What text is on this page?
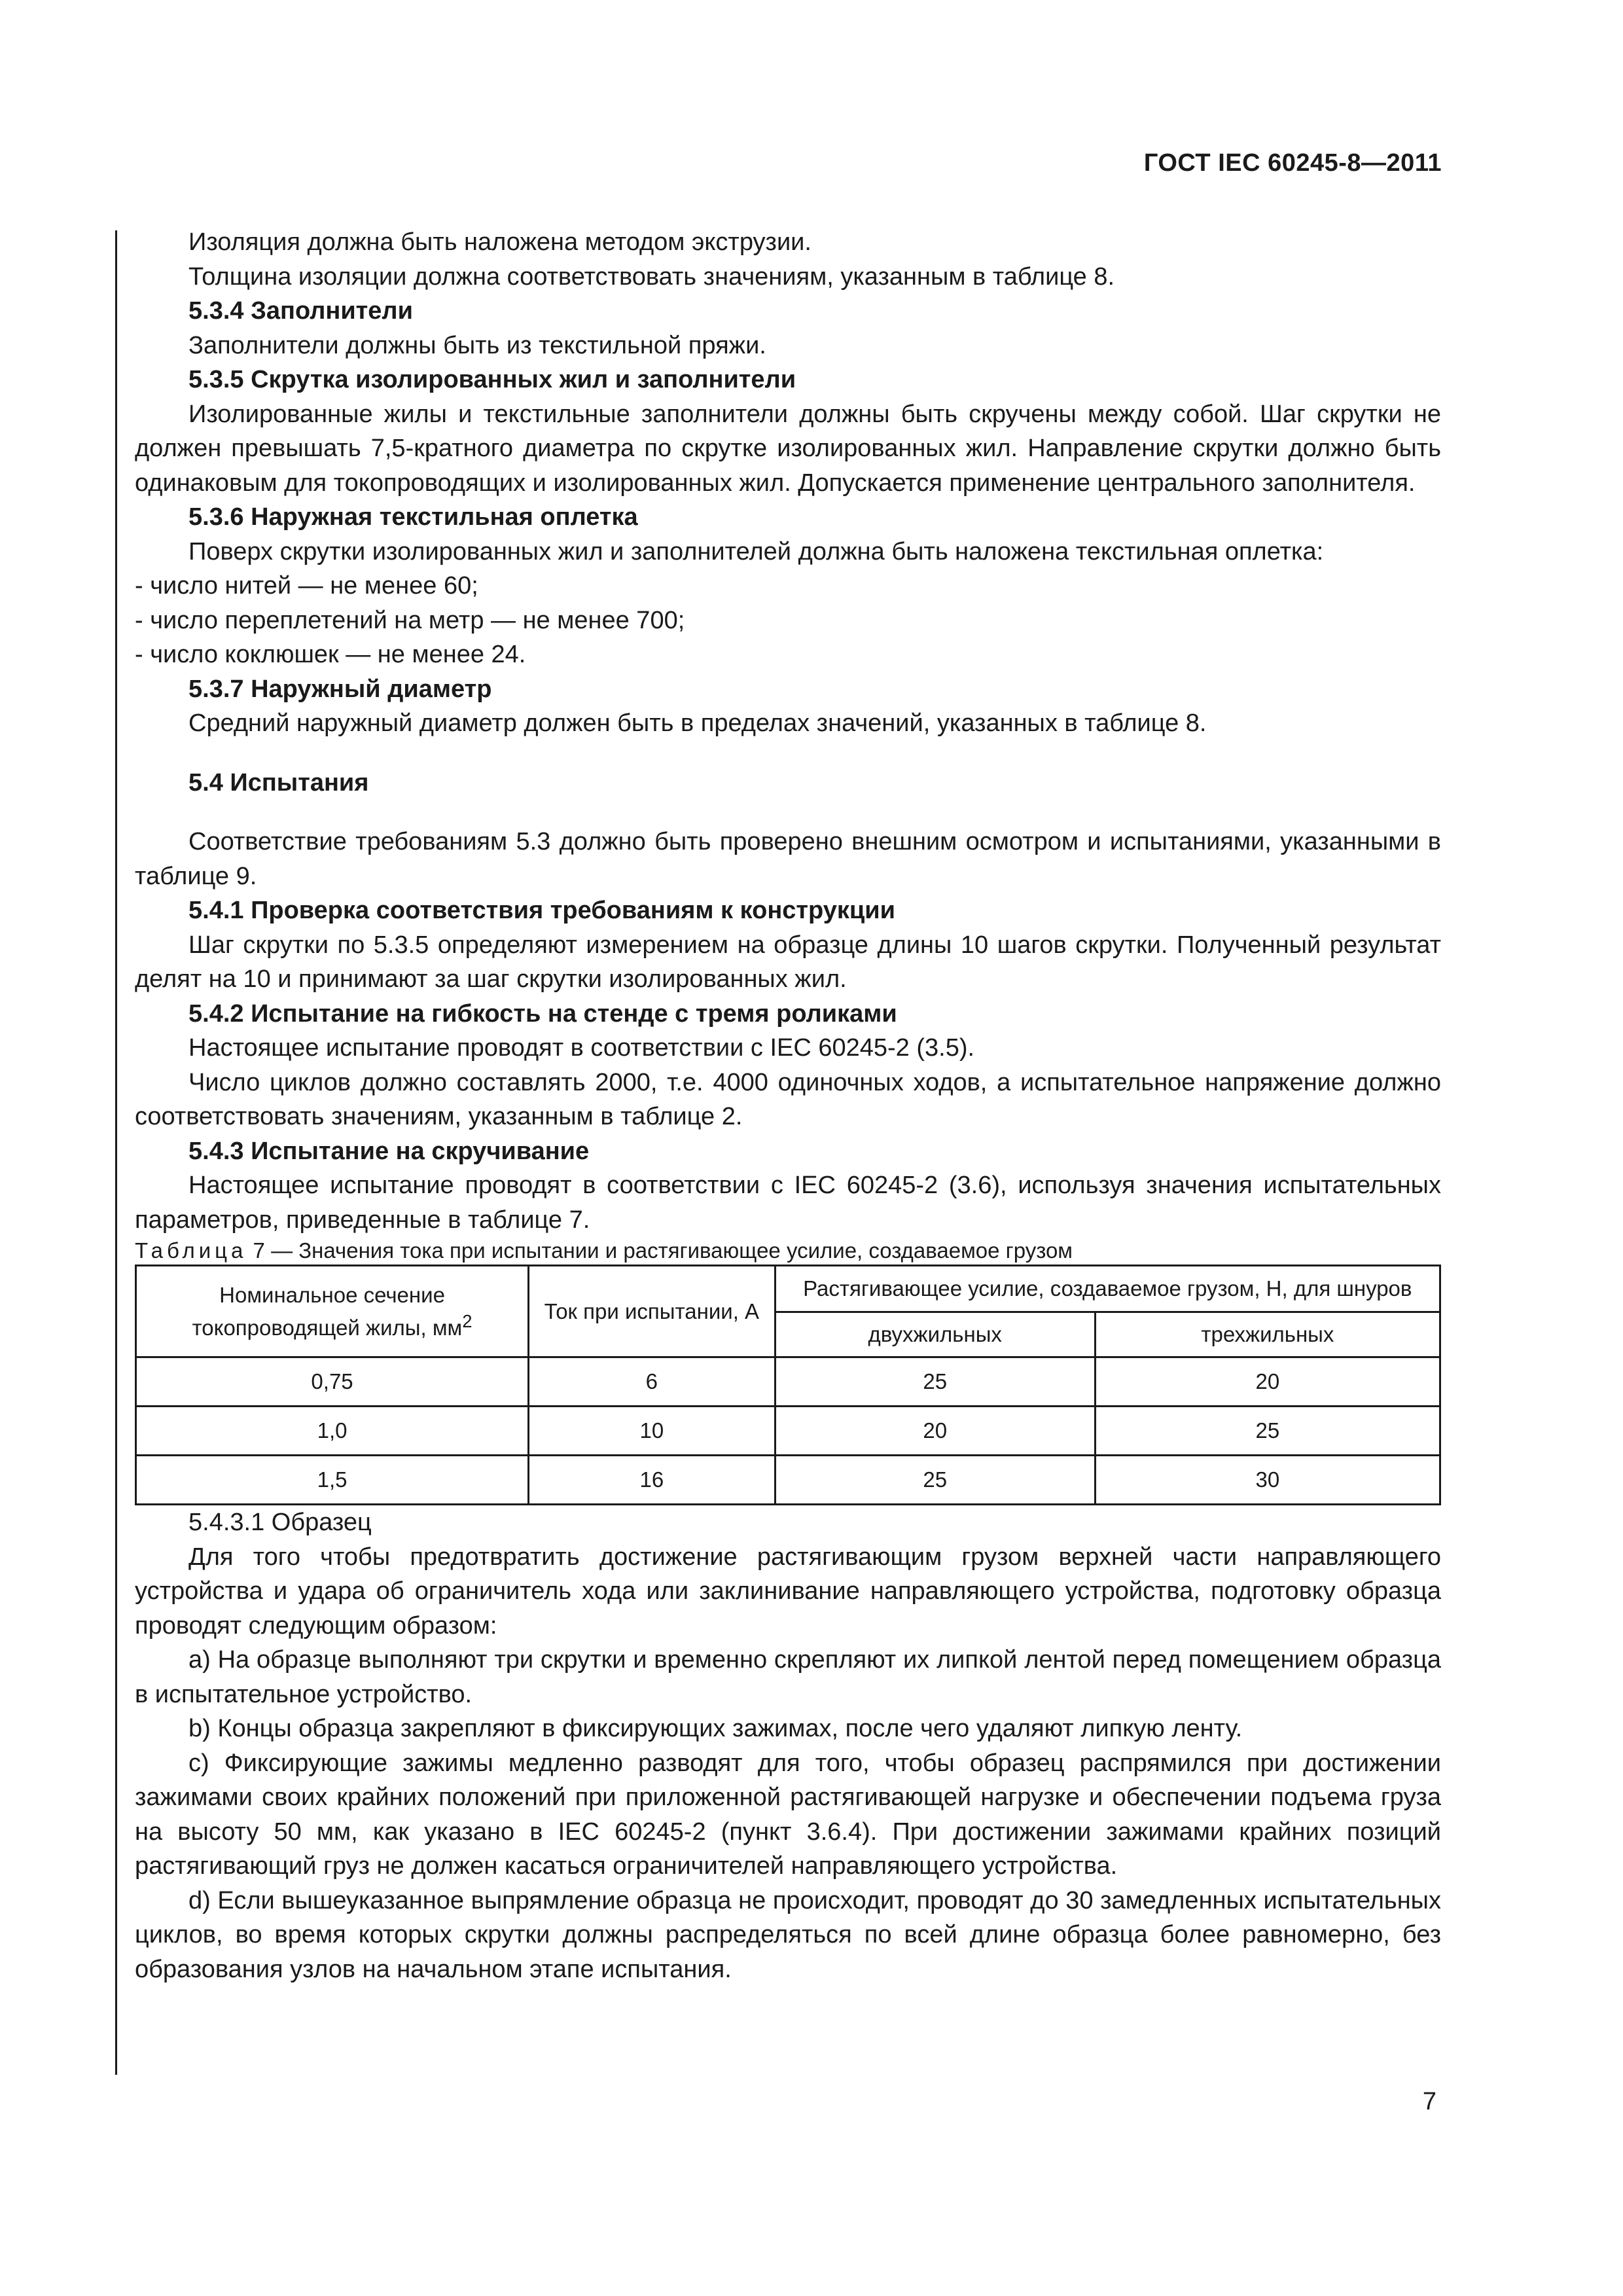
ГОСТ IEC 60245-8—2011

Изоляция должна быть наложена методом экструзии.

Толщина изоляции должна соответствовать значениям, указанным в таблице 8.

5.3.4 Заполнители

Заполнители должны быть из текстильной пряжи.

5.3.5 Скрутка изолированных жил и заполнители

Изолированные жилы и текстильные заполнители должны быть скручены между собой. Шаг скрутки не должен превышать 7,5-кратного диаметра по скрутке изолированных жил. Направление скрутки должно быть одинаковым для токопроводящих и изолированных жил. Допускается применение центрального заполнителя.

5.3.6 Наружная текстильная оплетка

Поверх скрутки изолированных жил и заполнителей должна быть наложена текстильная оплетка:

- число нитей — не менее 60;

- число переплетений на метр — не менее 700;

- число коклюшек — не менее 24.

5.3.7 Наружный диаметр

Средний наружный диаметр должен быть в пределах значений, указанных в таблице 8.

5.4 Испытания

Соответствие требованиям 5.3 должно быть проверено внешним осмотром и испытаниями, указанными в таблице 9.

5.4.1 Проверка соответствия требованиям к конструкции

Шаг скрутки по 5.3.5 определяют измерением на образце длины 10 шагов скрутки. Полученный результат делят на 10 и принимают за шаг скрутки изолированных жил.

5.4.2 Испытание на гибкость на стенде с тремя роликами

Настоящее испытание проводят в соответствии с IEC 60245-2 (3.5).

Число циклов должно составлять 2000, т.е. 4000 одиночных ходов, а испытательное напряжение должно соответствовать значениям, указанным в таблице 2.

5.4.3 Испытание на скручивание

Настоящее испытание проводят в соответствии с IEC 60245-2 (3.6), используя значения испытательных параметров, приведенные в таблице 7.

Таблица 7 — Значения тока при испытании и растягивающее усилие, создаваемое грузом

Номинальное сечение токопроводящей жилы, $мм^2$	Ток при испытании, А	Растягивающее усилие, создаваемое грузом, Н, для шнуров	
		двухжильных	трехжильных
0,75	6	25	20
1,0	10	20	25
1,5	16	25	30

5.4.3.1 Образец

Для того чтобы предотвратить достижение растягивающим грузом верхней части направляющего устройства и удара об ограничитель хода или заклинивание направляющего устройства, подготовку образца проводят следующим образом:

a) На образце выполняют три скрутки и временно скрепляют их липкой лентой перед помещением образца в испытательное устройство.

b) Концы образца закрепляют в фиксирующих зажимах, после чего удаляют липкую ленту.

c) Фиксирующие зажимы медленно разводят для того, чтобы образец распрямился при достижении зажимами своих крайних положений при приложенной растягивающей нагрузке и обеспечении подъема груза на высоту 50 мм, как указано в IEC 60245-2 (пункт 3.6.4). При достижении зажимами крайних позиций растягивающий груз не должен касаться ограничителей направляющего устройства.

d) Если вышеуказанное выпрямление образца не происходит, проводят до 30 замедленных испытательных циклов, во время которых скрутки должны распределяться по всей длине образца более равномерно, без образования узлов на начальном этапе испытания.

7
